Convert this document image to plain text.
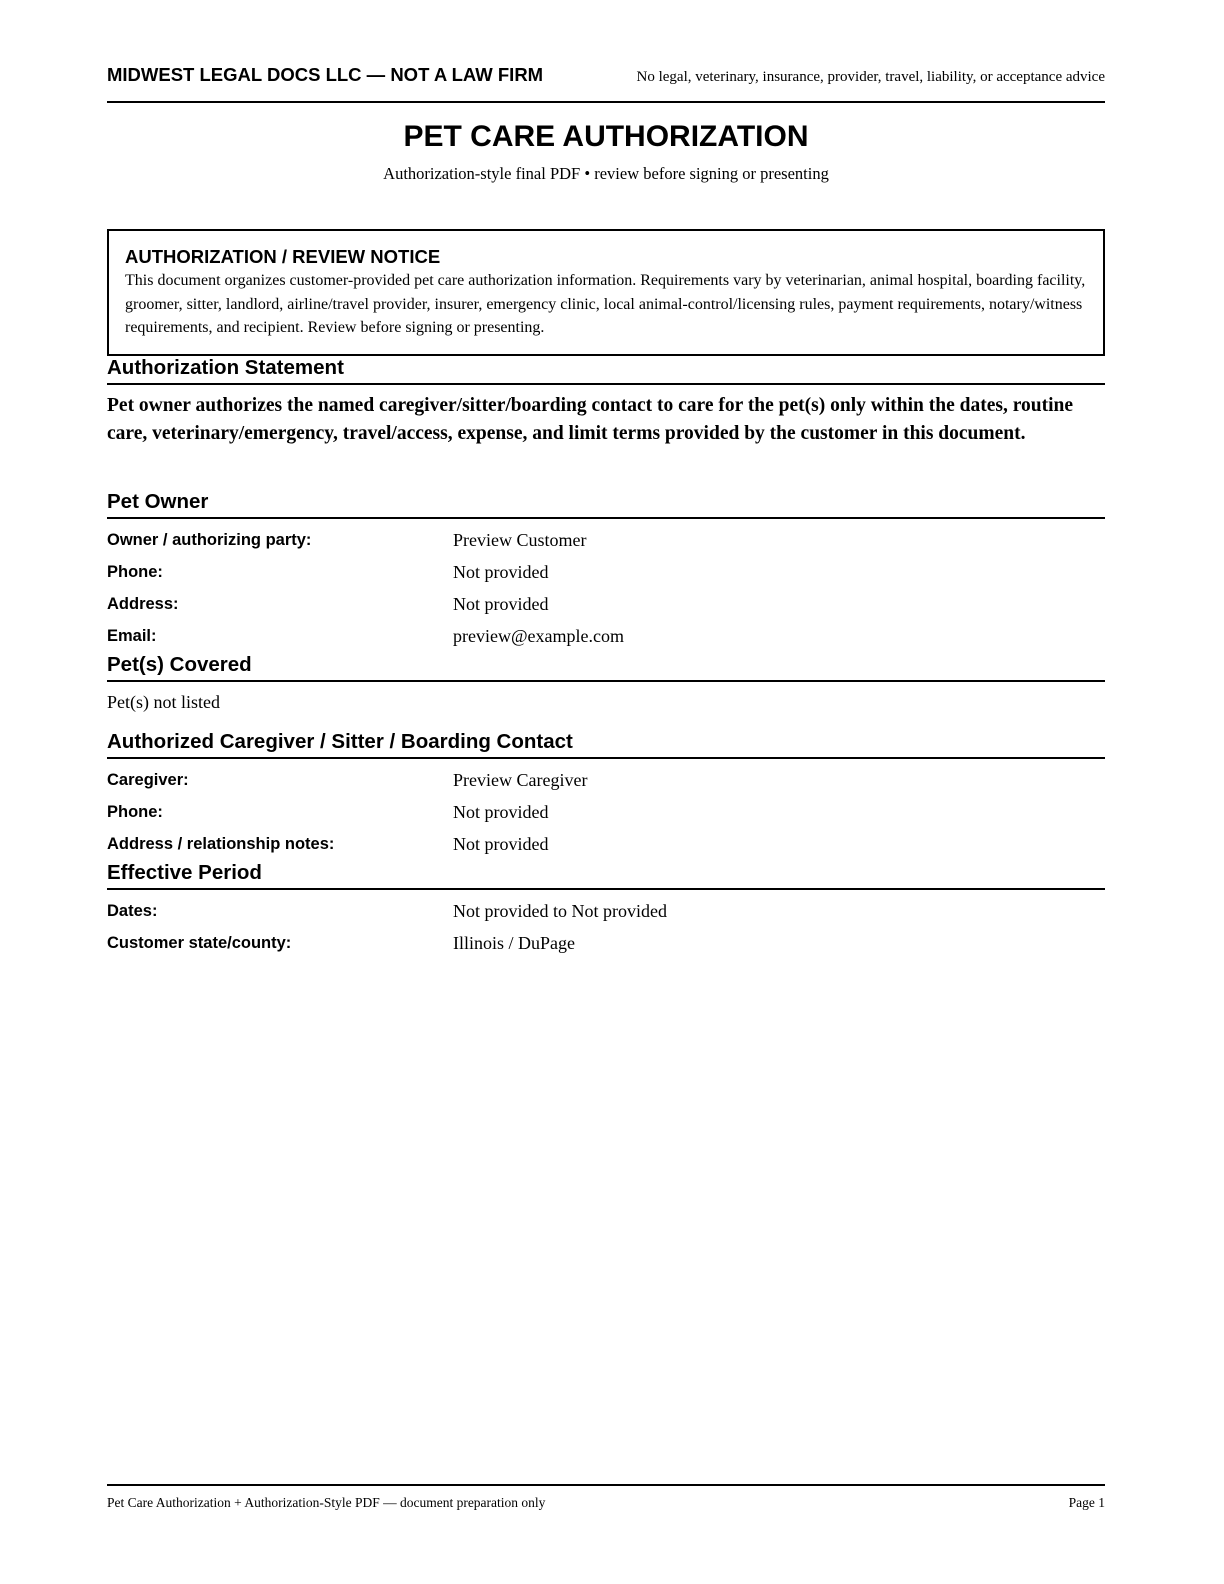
MIDWEST LEGAL DOCS LLC — NOT A LAW FIRM	No legal, veterinary, insurance, provider, travel, liability, or acceptance advice
PET CARE AUTHORIZATION
Authorization-style final PDF • review before signing or presenting
AUTHORIZATION / REVIEW NOTICE
This document organizes customer-provided pet care authorization information. Requirements vary by veterinarian, animal hospital, boarding facility, groomer, sitter, landlord, airline/travel provider, insurer, emergency clinic, local animal-control/licensing rules, payment requirements, notary/witness requirements, and recipient. Review before signing or presenting.
Authorization Statement
Pet owner authorizes the named caregiver/sitter/boarding contact to care for the pet(s) only within the dates, routine care, veterinary/emergency, travel/access, expense, and limit terms provided by the customer in this document.
Pet Owner
Owner / authorizing party:	Preview Customer
Phone:	Not provided
Address:	Not provided
Email:	preview@example.com
Pet(s) Covered
Pet(s) not listed
Authorized Caregiver / Sitter / Boarding Contact
Caregiver:	Preview Caregiver
Phone:	Not provided
Address / relationship notes:	Not provided
Effective Period
Dates:	Not provided to Not provided
Customer state/county:	Illinois / DuPage
Pet Care Authorization + Authorization-Style PDF — document preparation only	Page 1
